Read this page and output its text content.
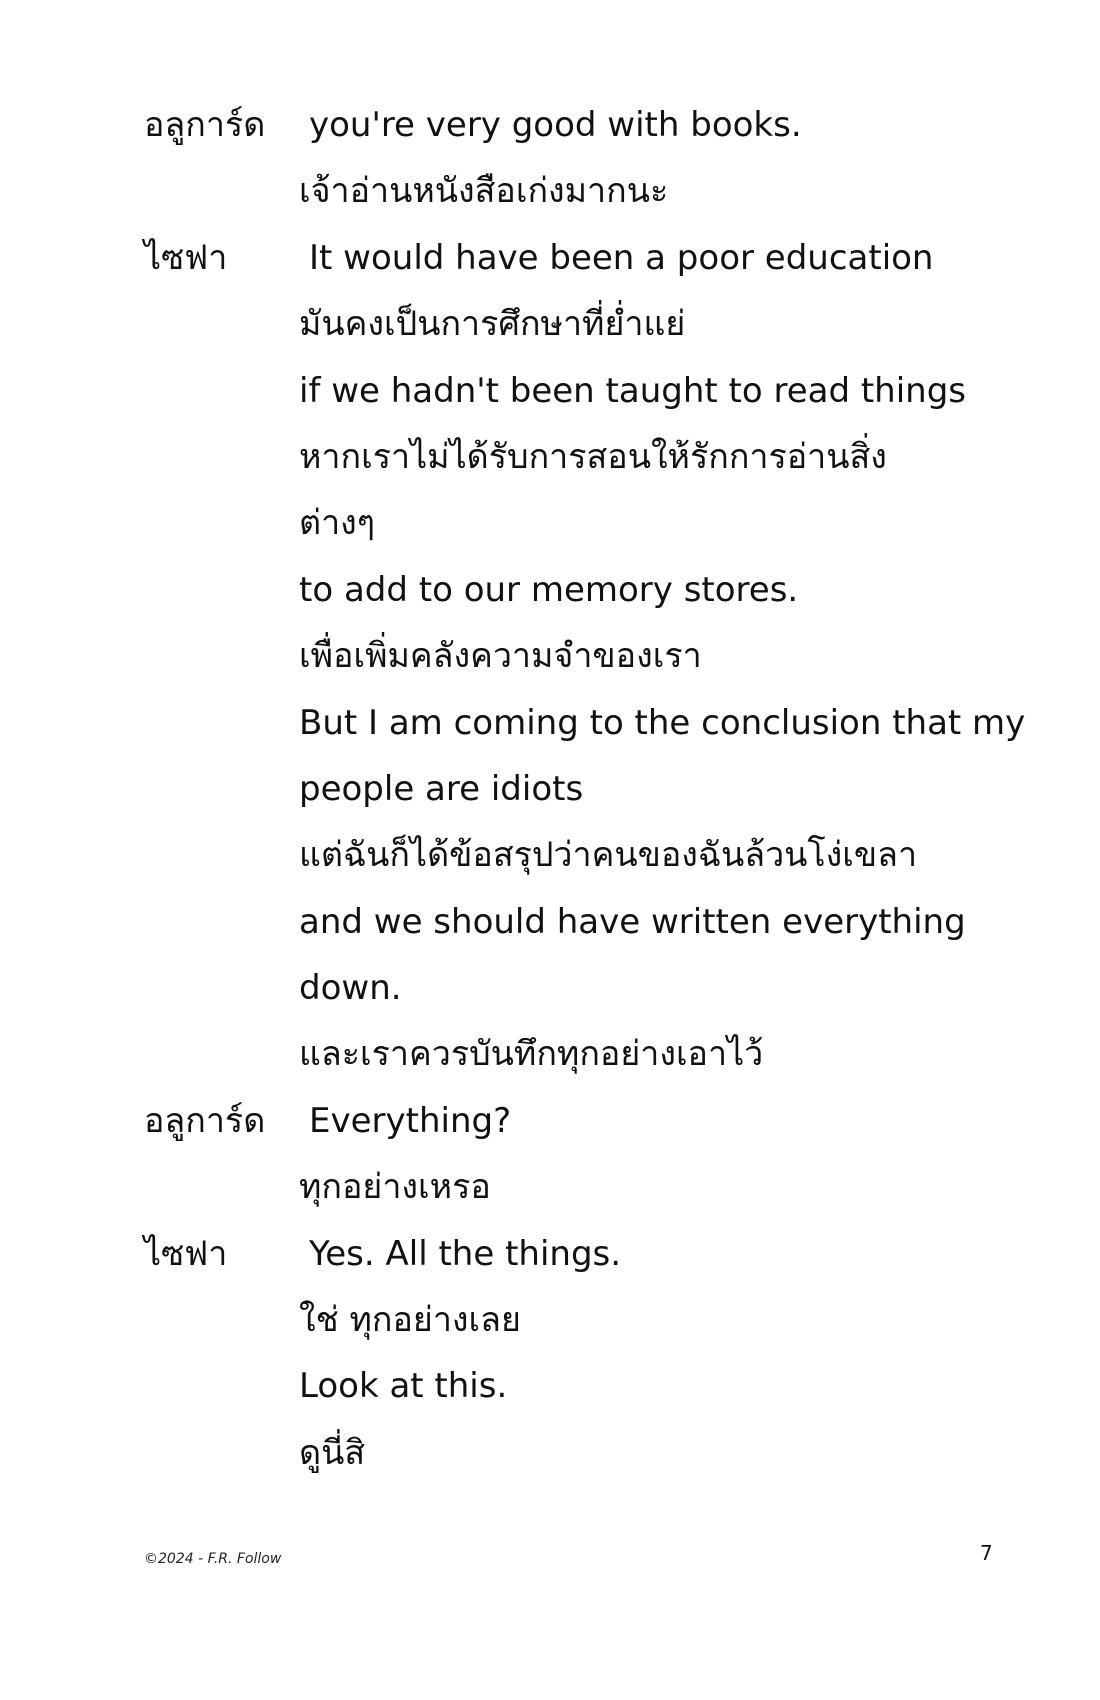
อลูการ์ด you're very good with books.
เจ้าอ่านหนังสือเก่งมากนะ
ไซฟา It would have been a poor education
มันคงเป็นการศึกษาที่ย่ำแย่
if we hadn't been taught to read things
หากเราไม่ได้รับการสอนให้รักการอ่านสิ่ง
ต่างๆ
to add to our memory stores.
เพื่อเพิ่มคลังความจำของเรา
But I am coming to the conclusion that my
people are idiots
แต่ฉันก็ได้ข้อสรุปว่าคนของฉันล้วนโง่เขลา
and we should have written everything
down.
และเราควรบันทึกทุกอย่างเอาไว้
อลูการ์ด Everything?
ทุกอย่างเหรอ
ไซฟา Yes. All the things.
ใช่ ทุกอย่างเลย
Look at this.
ดูนี่สิ
©2024 - F.R. Follow	7
